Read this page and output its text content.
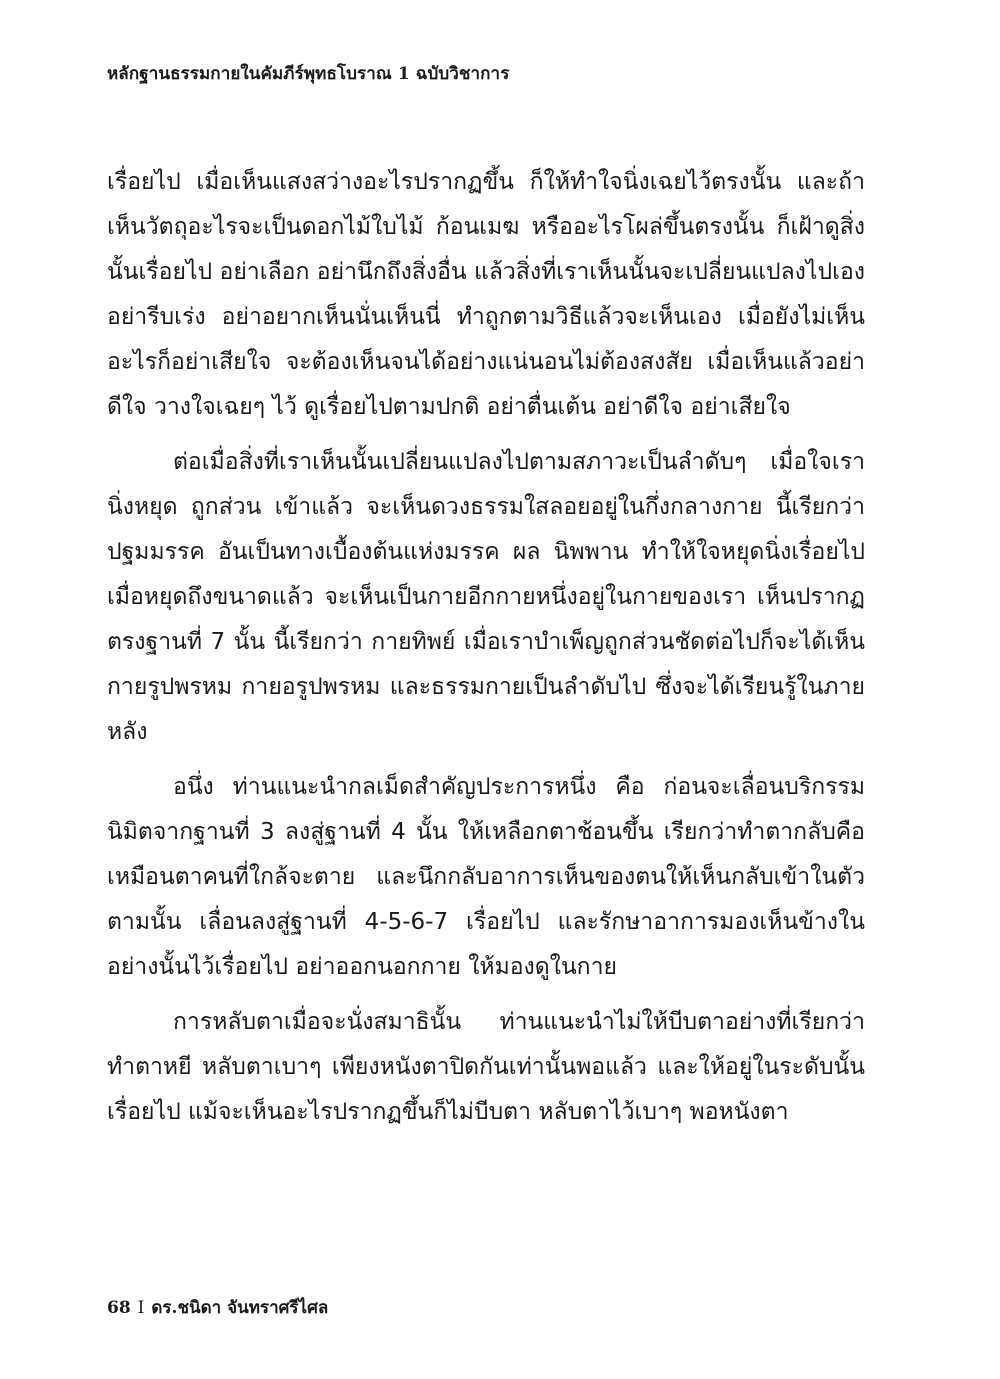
หลักฐานธรรมกายในคัมภีร์พุทธโบราณ 1 ฉบับวิชาการ

เรื่อยไป เมื่อเห็นแสงสว่างอะไรปรากฏขึ้น ก็ให้ทำใจนิ่งเฉยไว้ตรงนั้น และถ้าเห็นวัตถุอะไรจะเป็นดอกไม้ใบไม้ ก้อนเมฆ หรืออะไรโผล่ขึ้นตรงนั้น ก็เฝ้าดูสิ่งนั้นเรื่อยไป อย่าเลือก อย่านึกถึงสิ่งอื่น แล้วสิ่งที่เราเห็นนั้นจะเปลี่ยนแปลงไปเอง อย่ารีบเร่ง อย่าอยากเห็นนั่นเห็นนี่ ทำถูกตามวิธีแล้วจะเห็นเอง เมื่อยังไม่เห็นอะไรก็อย่าเสียใจ จะต้องเห็นจนได้อย่างแน่นอนไม่ต้องสงสัย เมื่อเห็นแล้วอย่าดีใจ วางใจเฉยๆ ไว้ ดูเรื่อยไปตามปกติ อย่าตื่นเต้น อย่าดีใจ อย่าเสียใจ

ต่อเมื่อสิ่งที่เราเห็นนั้นเปลี่ยนแปลงไปตามสภาวะเป็นลำดับๆ เมื่อใจเรานิ่งหยุด ถูกส่วน เข้าแล้ว จะเห็นดวงธรรมใสลอยอยู่ในกึ่งกลางกาย นี้เรียกว่าปฐมมรรค อันเป็นทางเบื้องต้นแห่งมรรค ผล นิพพาน ทำให้ใจหยุดนิ่งเรื่อยไป เมื่อหยุดถึงขนาดแล้ว จะเห็นเป็นกายอีกกายหนึ่งอยู่ในกายของเรา เห็นปรากฏตรงฐานที่ 7 นั้น นี้เรียกว่า กายทิพย์ เมื่อเราบำเพ็ญถูกส่วนชัดต่อไปก็จะได้เห็นกายรูปพรหม กายอรูปพรหม และธรรมกายเป็นลำดับไป ซึ่งจะได้เรียนรู้ในภายหลัง

อนึ่ง ท่านแนะนำกลเม็ดสำคัญประการหนึ่ง คือ ก่อนจะเลื่อนบริกรรมนิมิตจากฐานที่ 3 ลงสู่ฐานที่ 4 นั้น ให้เหลือกตาช้อนขึ้น เรียกว่าทำตากลับคือเหมือนตาคนที่ใกล้จะตาย และนึกกลับอาการเห็นของตนให้เห็นกลับเข้าในตัวตามนั้น เลื่อนลงสู่ฐานที่ 4-5-6-7 เรื่อยไป และรักษาอาการมองเห็นข้างในอย่างนั้นไว้เรื่อยไป อย่าออกนอกกาย ให้มองดูในกาย

การหลับตาเมื่อจะนั่งสมาธินั้น ท่านแนะนำไม่ให้บีบตาอย่างที่เรียกว่าทำตาหยี หลับตาเบาๆ เพียงหนังตาปิดกันเท่านั้นพอแล้ว และให้อยู่ในระดับนั้นเรื่อยไป แม้จะเห็นอะไรปรากฏขึ้นก็ไม่บีบตา หลับตาไว้เบาๆ พอหนังตา

68 I ดร.ชนิดา จันทราศรีไศล
